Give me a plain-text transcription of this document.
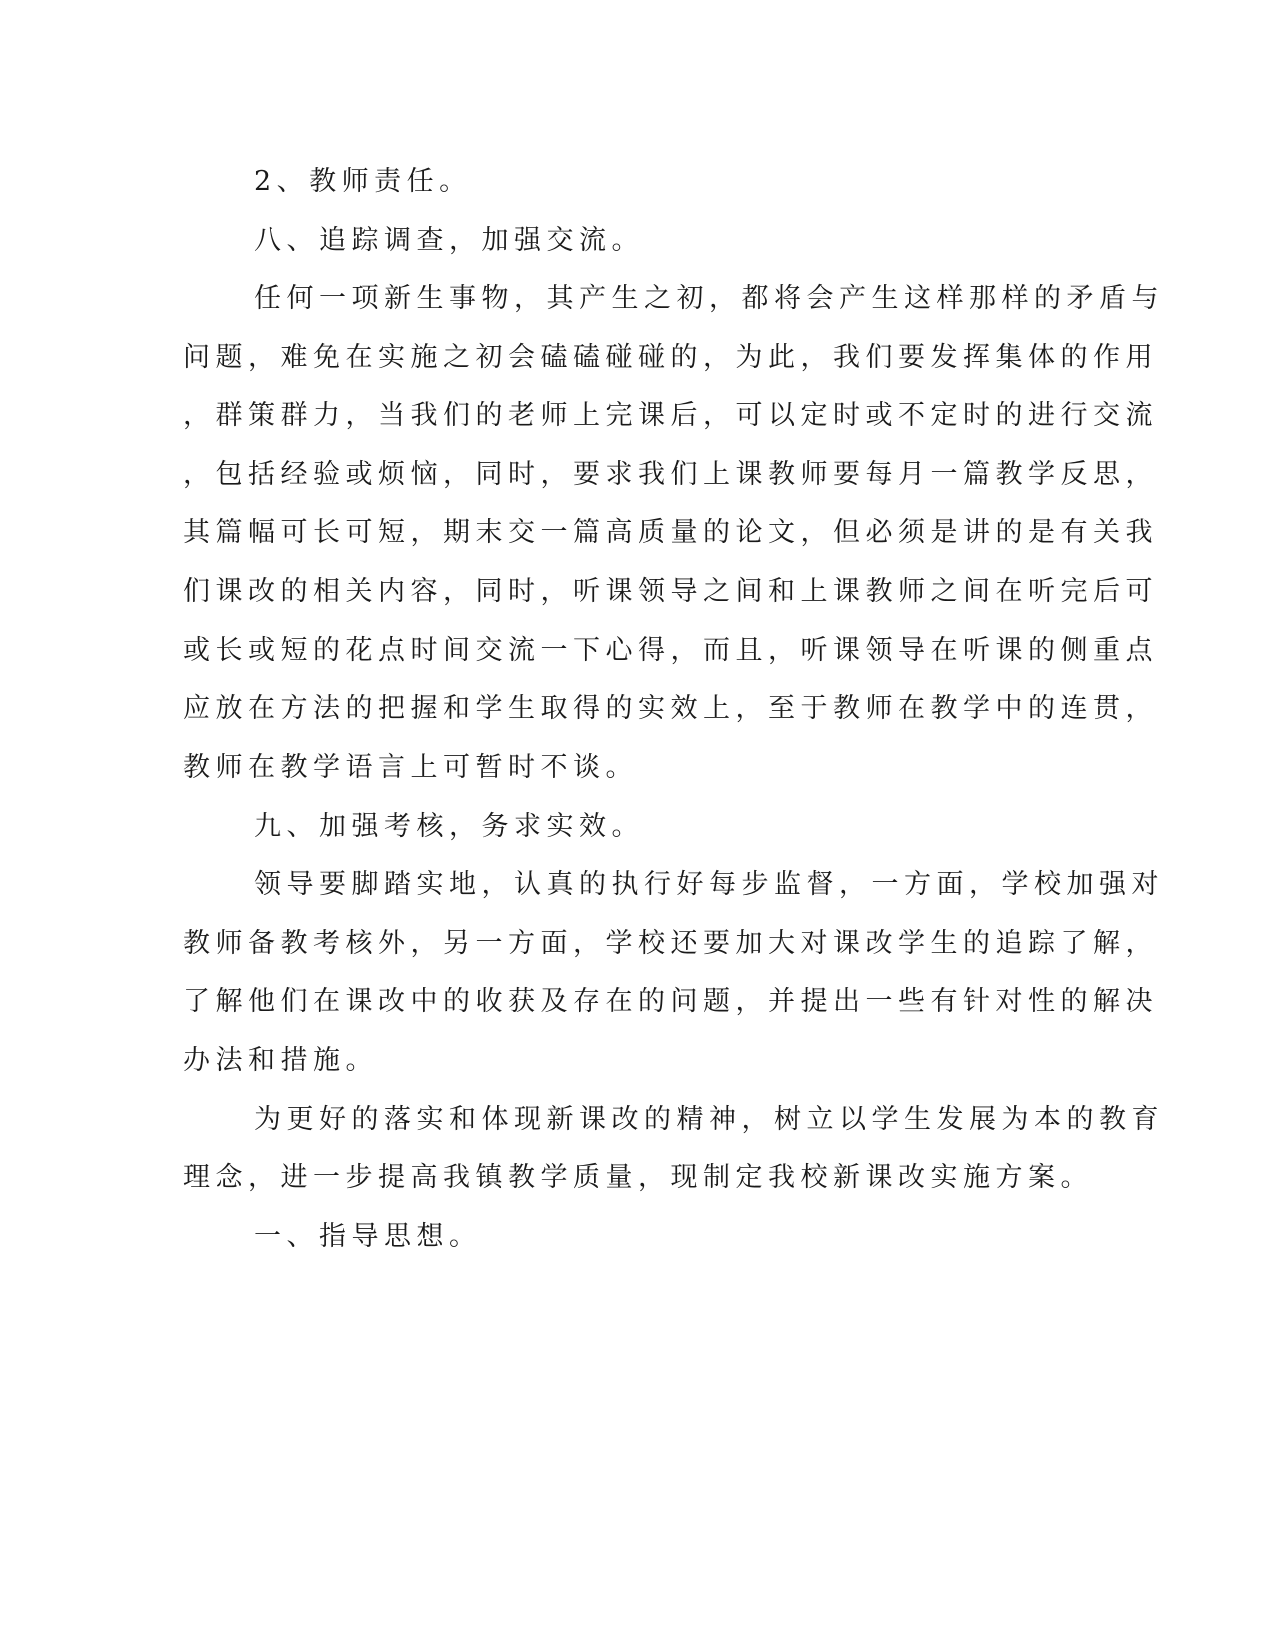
2、教师责任。

八、追踪调查，加强交流。

任何一项新生事物，其产生之初，都将会产生这样那样的矛盾与

问题，难免在实施之初会磕磕碰碰的，为此，我们要发挥集体的作用

，群策群力，当我们的老师上完课后，可以定时或不定时的进行交流

，包括经验或烦恼，同时，要求我们上课教师要每月一篇教学反思，

其篇幅可长可短，期末交一篇高质量的论文，但必须是讲的是有关我

们课改的相关内容，同时，听课领导之间和上课教师之间在听完后可

或长或短的花点时间交流一下心得，而且，听课领导在听课的侧重点

应放在方法的把握和学生取得的实效上，至于教师在教学中的连贯，

教师在教学语言上可暂时不谈。

九、加强考核，务求实效。

领导要脚踏实地，认真的执行好每步监督，一方面，学校加强对

教师备教考核外，另一方面，学校还要加大对课改学生的追踪了解，

了解他们在课改中的收获及存在的问题，并提出一些有针对性的解决

办法和措施。

为更好的落实和体现新课改的精神，树立以学生发展为本的教育

理念，进一步提高我镇教学质量，现制定我校新课改实施方案。

一、指导思想。
